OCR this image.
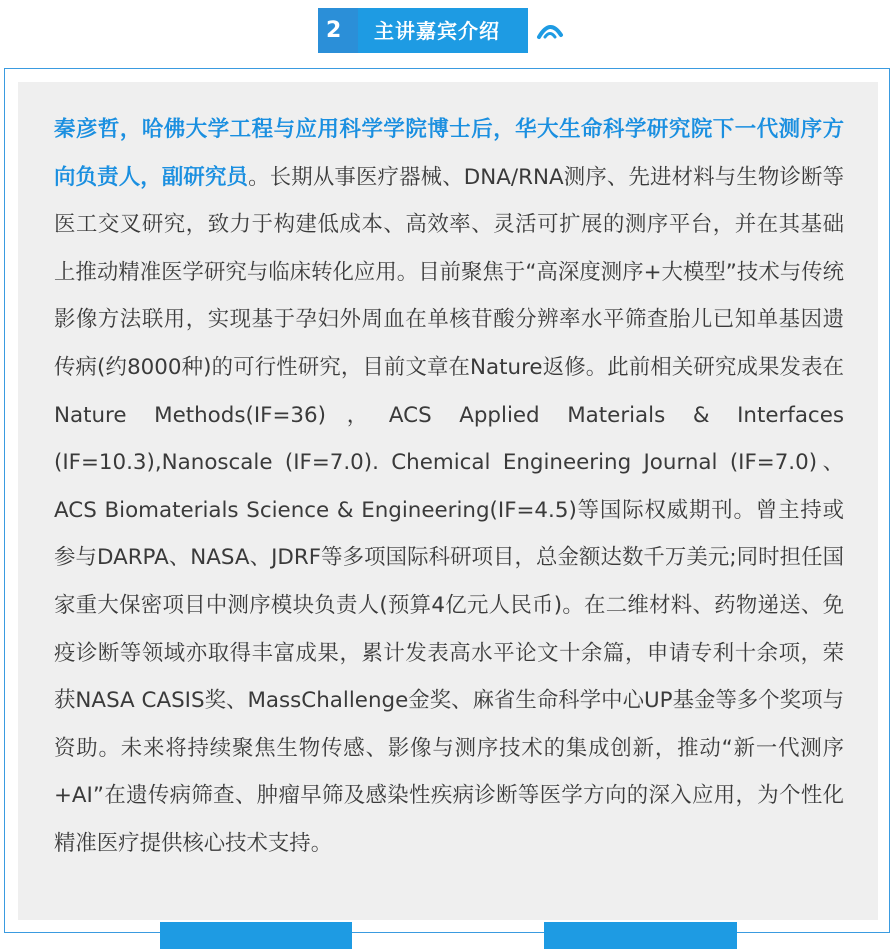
2 主讲嘉宾介绍

秦彦哲，哈佛大学工程与应用科学学院博士后，华大生命科学研究院下一代测序方向负责人，副研究员。长期从事医疗器械、DNA/RNA测序、先进材料与生物诊断等医工交叉研究，致力于构建低成本、高效率、灵活可扩展的测序平台，并在其基础上推动精准医学研究与临床转化应用。目前聚焦于“高深度测序+大模型”技术与传统影像方法联用，实现基于孕妇外周血在单核苷酸分辨率水平筛查胎儿已知单基因遗传病(约8000种)的可行性研究，目前文章在Nature返修。此前相关研究成果发表在 Nature Methods(IF=36)，ACS Applied Materials & Interfaces (IF=10.3),Nanoscale (IF=7.0). Chemical Engineering Journal (IF=7.0)、ACS Biomaterials Science & Engineering(IF=4.5)等国际权威期刊。曾主持或参与DARPA、NASA、JDRF等多项国际科研项目，总金额达数千万美元;同时担任国家重大保密项目中测序模块负责人(预算4亿元人民币)。在二维材料、药物递送、免疫诊断等领域亦取得丰富成果，累计发表高水平论文十余篇，申请专利十余项，荣获NASA CASIS奖、MassChallenge金奖、麻省生命科学中心UP基金等多个奖项与资助。未来将持续聚焦生物传感、影像与测序技术的集成创新，推动“新一代测序+AI”在遗传病筛查、肿瘤早筛及感染性疾病诊断等医学方向的深入应用，为个性化精准医疗提供核心技术支持。
